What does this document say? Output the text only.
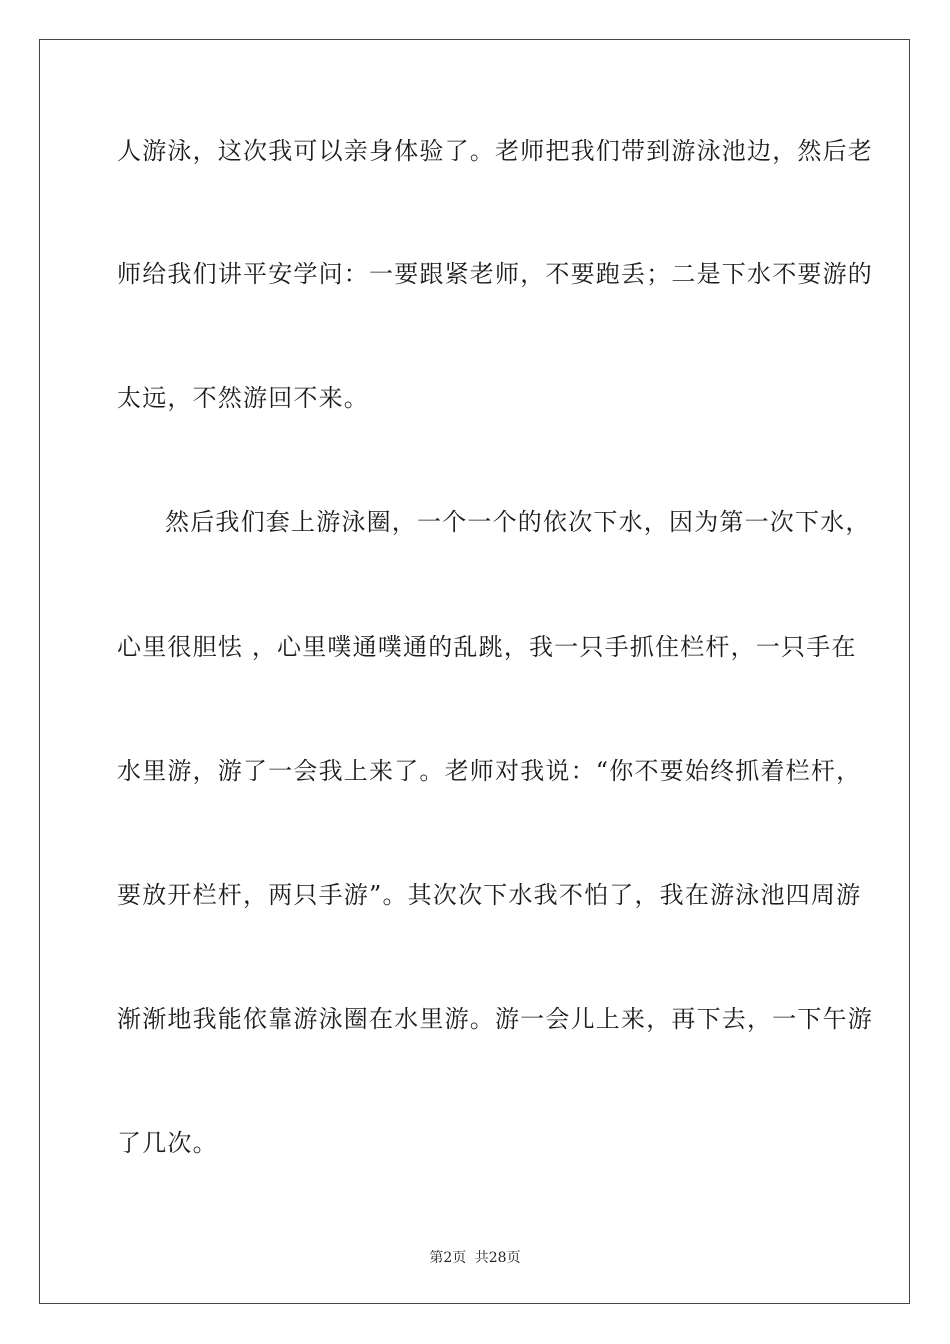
人游泳，这次我可以亲身体验了。老师把我们带到游泳池边，然后老
师给我们讲平安学问：一要跟紧老师，不要跑丢；二是下水不要游的
太远，不然游回不来。
然后我们套上游泳圈，一个一个的依次下水，因为第一次下水，
心里很胆怯 ，心里噗通噗通的乱跳，我一只手抓住栏杆，一只手在
水里游，游了一会我上来了。老师对我说：“你不要始终抓着栏杆，
要放开栏杆，两只手游”。其次次下水我不怕了，我在游泳池四周游
渐渐地我能依靠游泳圈在水里游。游一会儿上来，再下去，一下午游
了几次。
第2页 共28页
